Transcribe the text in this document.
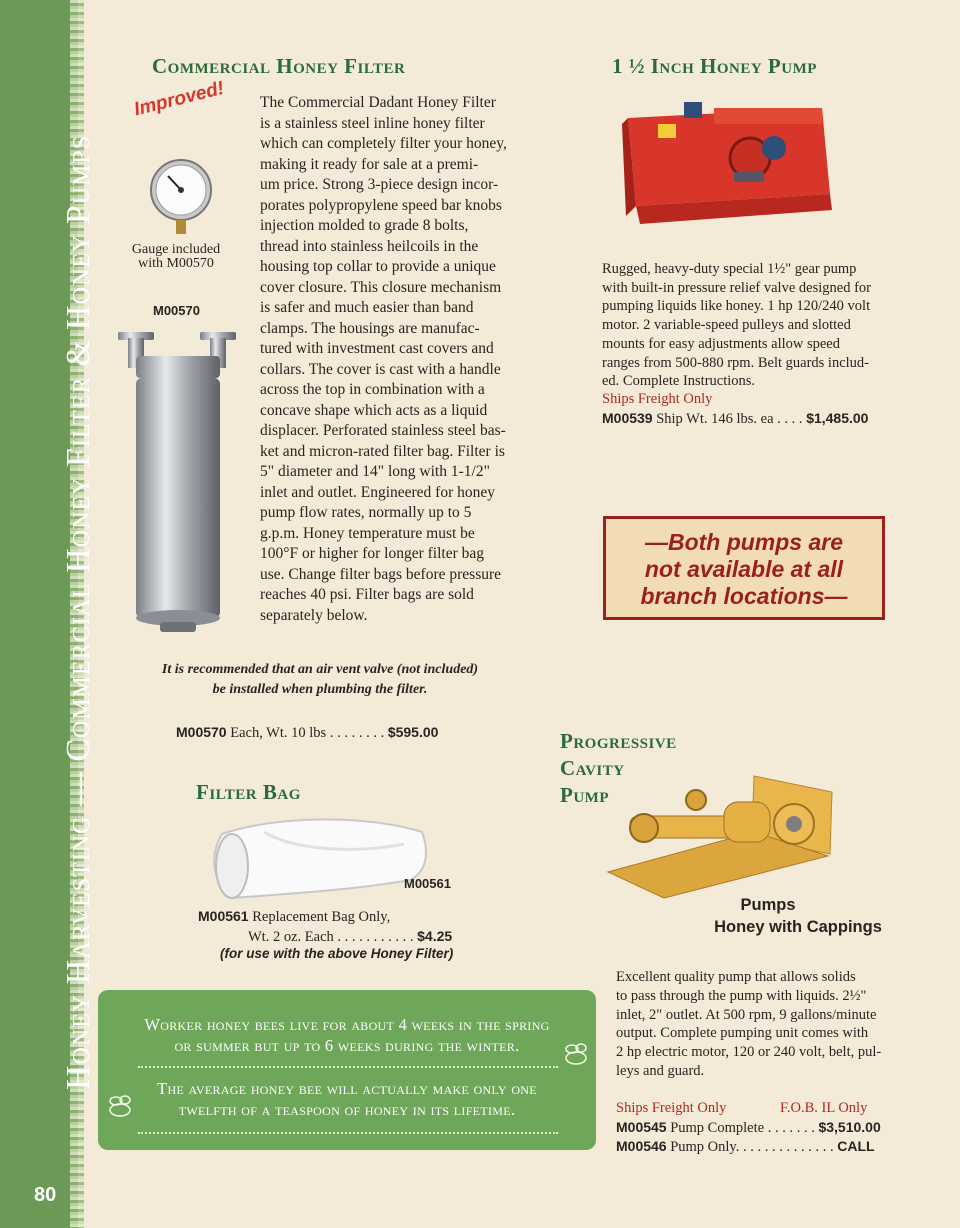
Honey Harvesting — Commercial Honey Filter & Honey Pumps
80
Commercial Honey Filter
Improved!
Gauge included with M00570
M00570
The Commercial Dadant Honey Filter
is a stainless steel inline honey filter
which can completely filter your honey,
making it ready for sale at a premi-
um price. Strong 3-piece design incor-
porates polypropylene speed bar knobs
injection molded to grade 8 bolts,
thread into stainless heilcoils in the
housing top collar to provide a unique
cover closure. This closure mechanism
is safer and much easier than band
clamps. The housings are manufac-
tured with investment cast covers and
collars. The cover is cast with a handle
across the top in combination with a
concave shape which acts as a liquid
displacer. Perforated stainless steel bas-
ket and micron-rated filter bag. Filter is
5" diameter and 14" long with 1-1/2"
inlet and outlet. Engineered for honey
pump flow rates, normally up to 5
g.p.m. Honey temperature must be
100°F or higher for longer filter bag
use. Change filter bags before pressure
reaches 40 psi. Filter bags are sold
separately below.
It is recommended that an air vent valve (not included)
be installed when plumbing the filter.
M00570 Each, Wt. 10 lbs . . . . . . . . $595.00
Filter Bag
M00561
M00561 Replacement Bag Only,
Wt. 2 oz. Each . . . . . . . . . . . $4.25
(for use with the above Honey Filter)
1 ½ Inch Honey Pump
Rugged, heavy-duty special 1½" gear pump
with built-in pressure relief valve designed for
pumping liquids like honey. 1 hp 120/240 volt
motor. 2 variable-speed pulleys and slotted
mounts for easy adjustments allow speed
ranges from 500-880 rpm. Belt guards includ-
ed. Complete Instructions.
Ships Freight Only
M00539 Ship Wt. 146 lbs. ea . . . . $1,485.00
—Both pumps are
not available at all
branch locations—
Progressive
Cavity
Pump
Pumps
Honey with Cappings
Excellent quality pump that allows solids
to pass through the pump with liquids. 2½"
inlet, 2" outlet. At 500 rpm, 9 gallons/minute
output. Complete pumping unit comes with
2 hp electric motor, 120 or 240 volt, belt, pul-
leys and guard.
Ships Freight Only	F.O.B. IL Only
M00545 Pump Complete . . . . . . . $3,510.00
M00546 Pump Only. . . . . . . . . . . . . . CALL
Worker honey bees live for about 4 weeks in the spring
or summer but up to 6 weeks during the winter.
The average honey bee will actually make only one
twelfth of a teaspoon of honey in its lifetime.
